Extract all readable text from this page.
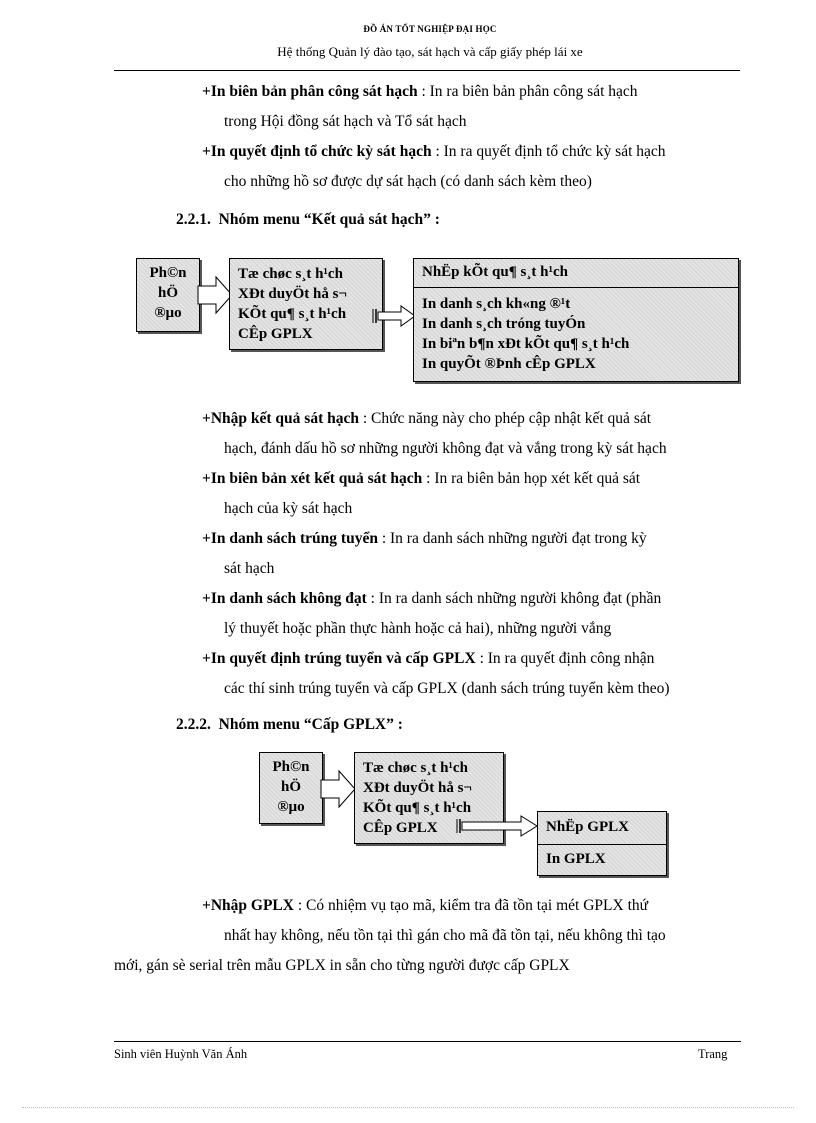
ĐỒ ÁN TỐT NGHIỆP ĐẠI HỌC
Hệ thống Quản lý đào tạo, sát hạch và cấp giấy phép lái xe
+In biên bản phân công sát hạch : In ra biên bản phân công sát hạch
trong Hội đồng sát hạch và Tổ sát hạch
+In quyết định tổ chức kỳ sát hạch : In ra quyết định tổ chức kỳ sát hạch
cho những hồ sơ được dự sát hạch (có danh sách kèm theo)
2.2.1. Nhóm menu “Kết quả sát hạch” :
Ph©n
hÖ
®µo
Tæ chøc s¸t h¹ch
XÐt duyÖt hå s¬
KÕt qu¶ s¸t h¹ch
CÊp GPLX
NhËp kÕt qu¶ s¸t h¹ch
In danh s¸ch kh«ng ®¹t
In danh s¸ch tróng tuyÓn
In biªn b¶n xÐt kÕt qu¶ s¸t h¹ch
In quyÕt ®Þnh cÊp GPLX
+Nhập kết quả sát hạch : Chức năng này cho phép cập nhật kết quả sát
hạch, đánh dấu hồ sơ những người không đạt và vắng trong kỳ sát hạch
+In biên bản xét kết quả sát hạch : In ra biên bản họp xét kết quả sát
hạch của kỳ sát hạch
+In danh sách trúng tuyển : In ra danh sách những người đạt trong kỳ
sát hạch
+In danh sách không đạt : In ra danh sách những người không đạt (phần
lý thuyết hoặc phần thực hành hoặc cả hai), những người vắng
+In quyết định trúng tuyển và cấp GPLX : In ra quyết định công nhận
các thí sinh trúng tuyển và cấp GPLX (danh sách trúng tuyển kèm theo)
2.2.2. Nhóm menu “Cấp GPLX” :
Ph©n
hÖ
®µo
Tæ chøc s¸t h¹ch
XÐt duyÖt hå s¬
KÕt qu¶ s¸t h¹ch
CÊp GPLX	NhËp GPLX
In GPLX
+Nhập GPLX : Có nhiệm vụ tạo mã, kiểm tra đã tồn tại mét GPLX thứ
nhất hay không, nếu tồn tại thì gán cho mã đã tồn tại, nếu không thì tạo
mới, gán sè serial trên mẫu GPLX in sẵn cho từng người được cấp GPLX
Sinh viên Huỳnh Văn Ánh	Trang
